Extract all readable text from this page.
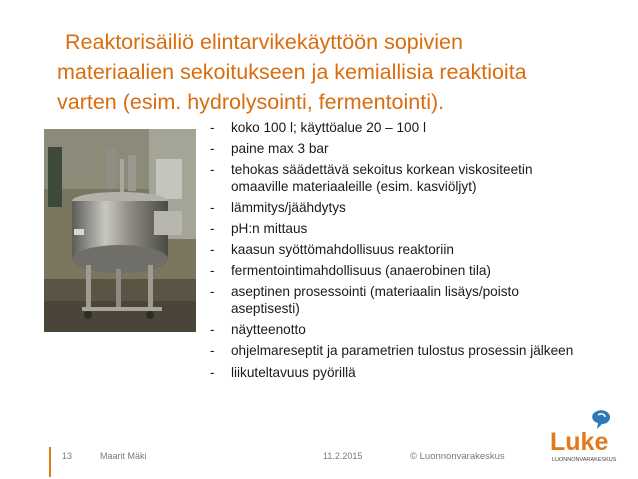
Reaktorisäiliö elintarvikekäyttöön sopivien
materiaalien sekoitukseen ja kemiallisia reaktioita
varten (esim. hydrolysointi, fermentointi).
- koko 100 l; käyttöalue 20 – 100 l
- paine max 3 bar
- tehokas säädettävä sekoitus korkean viskositeetin omaaville materiaaleille (esim. kasviöljyt)
- lämmitys/jäähdytys
- pH:n mittaus
- kaasun syöttömahdollisuus reaktoriin
- fermentointimahdollisuus (anaerobinen tila)
- aseptinen prosessointi (materiaalin lisäys/poisto aseptisesti)
- näytteenotto
- ohjelmareseptit ja parametrien tulostus prosessin jälkeen
- liikuteltavuus pyörillä
13	Maarit Mäki	11.2.2015	© Luonnonvarakeskus
Luke
LUONNONVARAKESKUS
